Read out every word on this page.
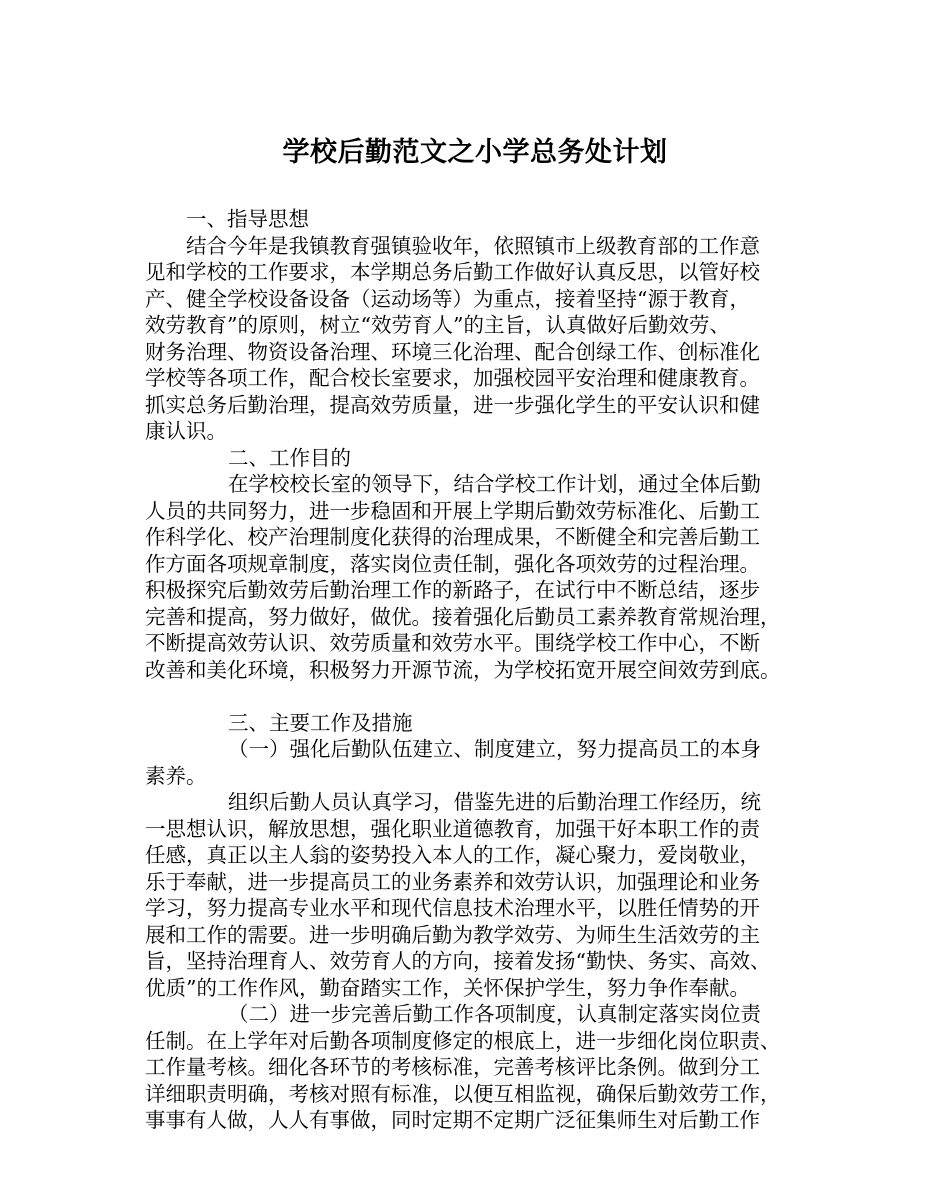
学校后勤范文之小学总务处计划
一、指导思想
结合今年是我镇教育强镇验收年，依照镇市上级教育部的工作意
见和学校的工作要求，本学期总务后勤工作做好认真反思，以管好校
产、健全学校设备设备（运动场等）为重点，接着坚持“源于教育，
效劳教育”的原则，树立“效劳育人”的主旨，认真做好后勤效劳、
财务治理、物资设备治理、环境三化治理、配合创绿工作、创标准化
学校等各项工作，配合校长室要求，加强校园平安治理和健康教育。
抓实总务后勤治理，提高效劳质量，进一步强化学生的平安认识和健
康认识。
二、工作目的
在学校校长室的领导下，结合学校工作计划，通过全体后勤
人员的共同努力，进一步稳固和开展上学期后勤效劳标准化、后勤工
作科学化、校产治理制度化获得的治理成果，不断健全和完善后勤工
作方面各项规章制度，落实岗位责任制，强化各项效劳的过程治理。
积极探究后勤效劳后勤治理工作的新路子，在试行中不断总结，逐步
完善和提高，努力做好，做优。接着强化后勤员工素养教育常规治理，
不断提高效劳认识、效劳质量和效劳水平。围绕学校工作中心，不断
改善和美化环境，积极努力开源节流，为学校拓宽开展空间效劳到底。
三、主要工作及措施
（一）强化后勤队伍建立、制度建立，努力提高员工的本身
素养。
组织后勤人员认真学习，借鉴先进的后勤治理工作经历，统
一思想认识，解放思想，强化职业道德教育，加强干好本职工作的责
任感，真正以主人翁的姿势投入本人的工作，凝心聚力，爱岗敬业，
乐于奉献，进一步提高员工的业务素养和效劳认识，加强理论和业务
学习，努力提高专业水平和现代信息技术治理水平，以胜任情势的开
展和工作的需要。进一步明确后勤为教学效劳、为师生生活效劳的主
旨，坚持治理育人、效劳育人的方向，接着发扬“勤快、务实、高效、
优质”的工作作风，勤奋踏实工作，关怀保护学生，努力争作奉献。
（二）进一步完善后勤工作各项制度，认真制定落实岗位责
任制。在上学年对后勤各项制度修定的根底上，进一步细化岗位职责、
工作量考核。细化各环节的考核标准，完善考核评比条例。做到分工
详细职责明确，考核对照有标准，以便互相监视，确保后勤效劳工作，
事事有人做，人人有事做，同时定期不定期广泛征集师生对后勤工作
